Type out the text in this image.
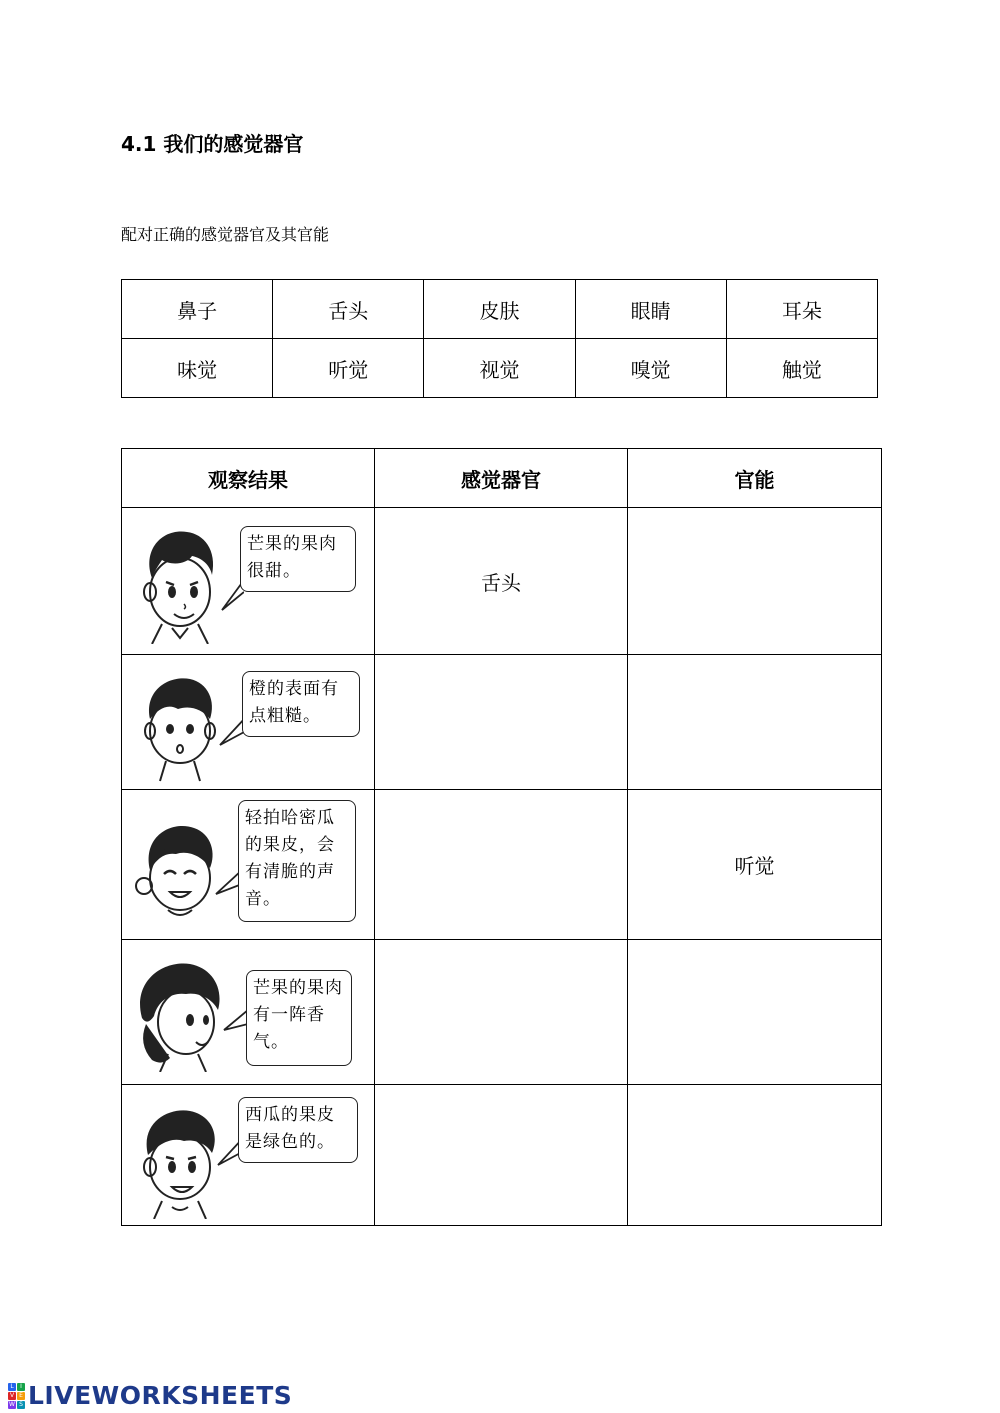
4.1 我们的感觉器官
配对正确的感觉器官及其官能
鼻子	舌头	皮肤	眼睛	耳朵
味觉	听觉	视觉	嗅觉	触觉
观察结果	感觉器官	官能

芒果的果肉很甜。	舌头	

橙的表面有点粗糙。		

轻拍哈密瓜的果皮，会有清脆的声音。		听觉

芒果的果肉有一阵香气。		

西瓜的果皮是绿色的。		

L	I
V E
W S LIVEWORKSHEETS
